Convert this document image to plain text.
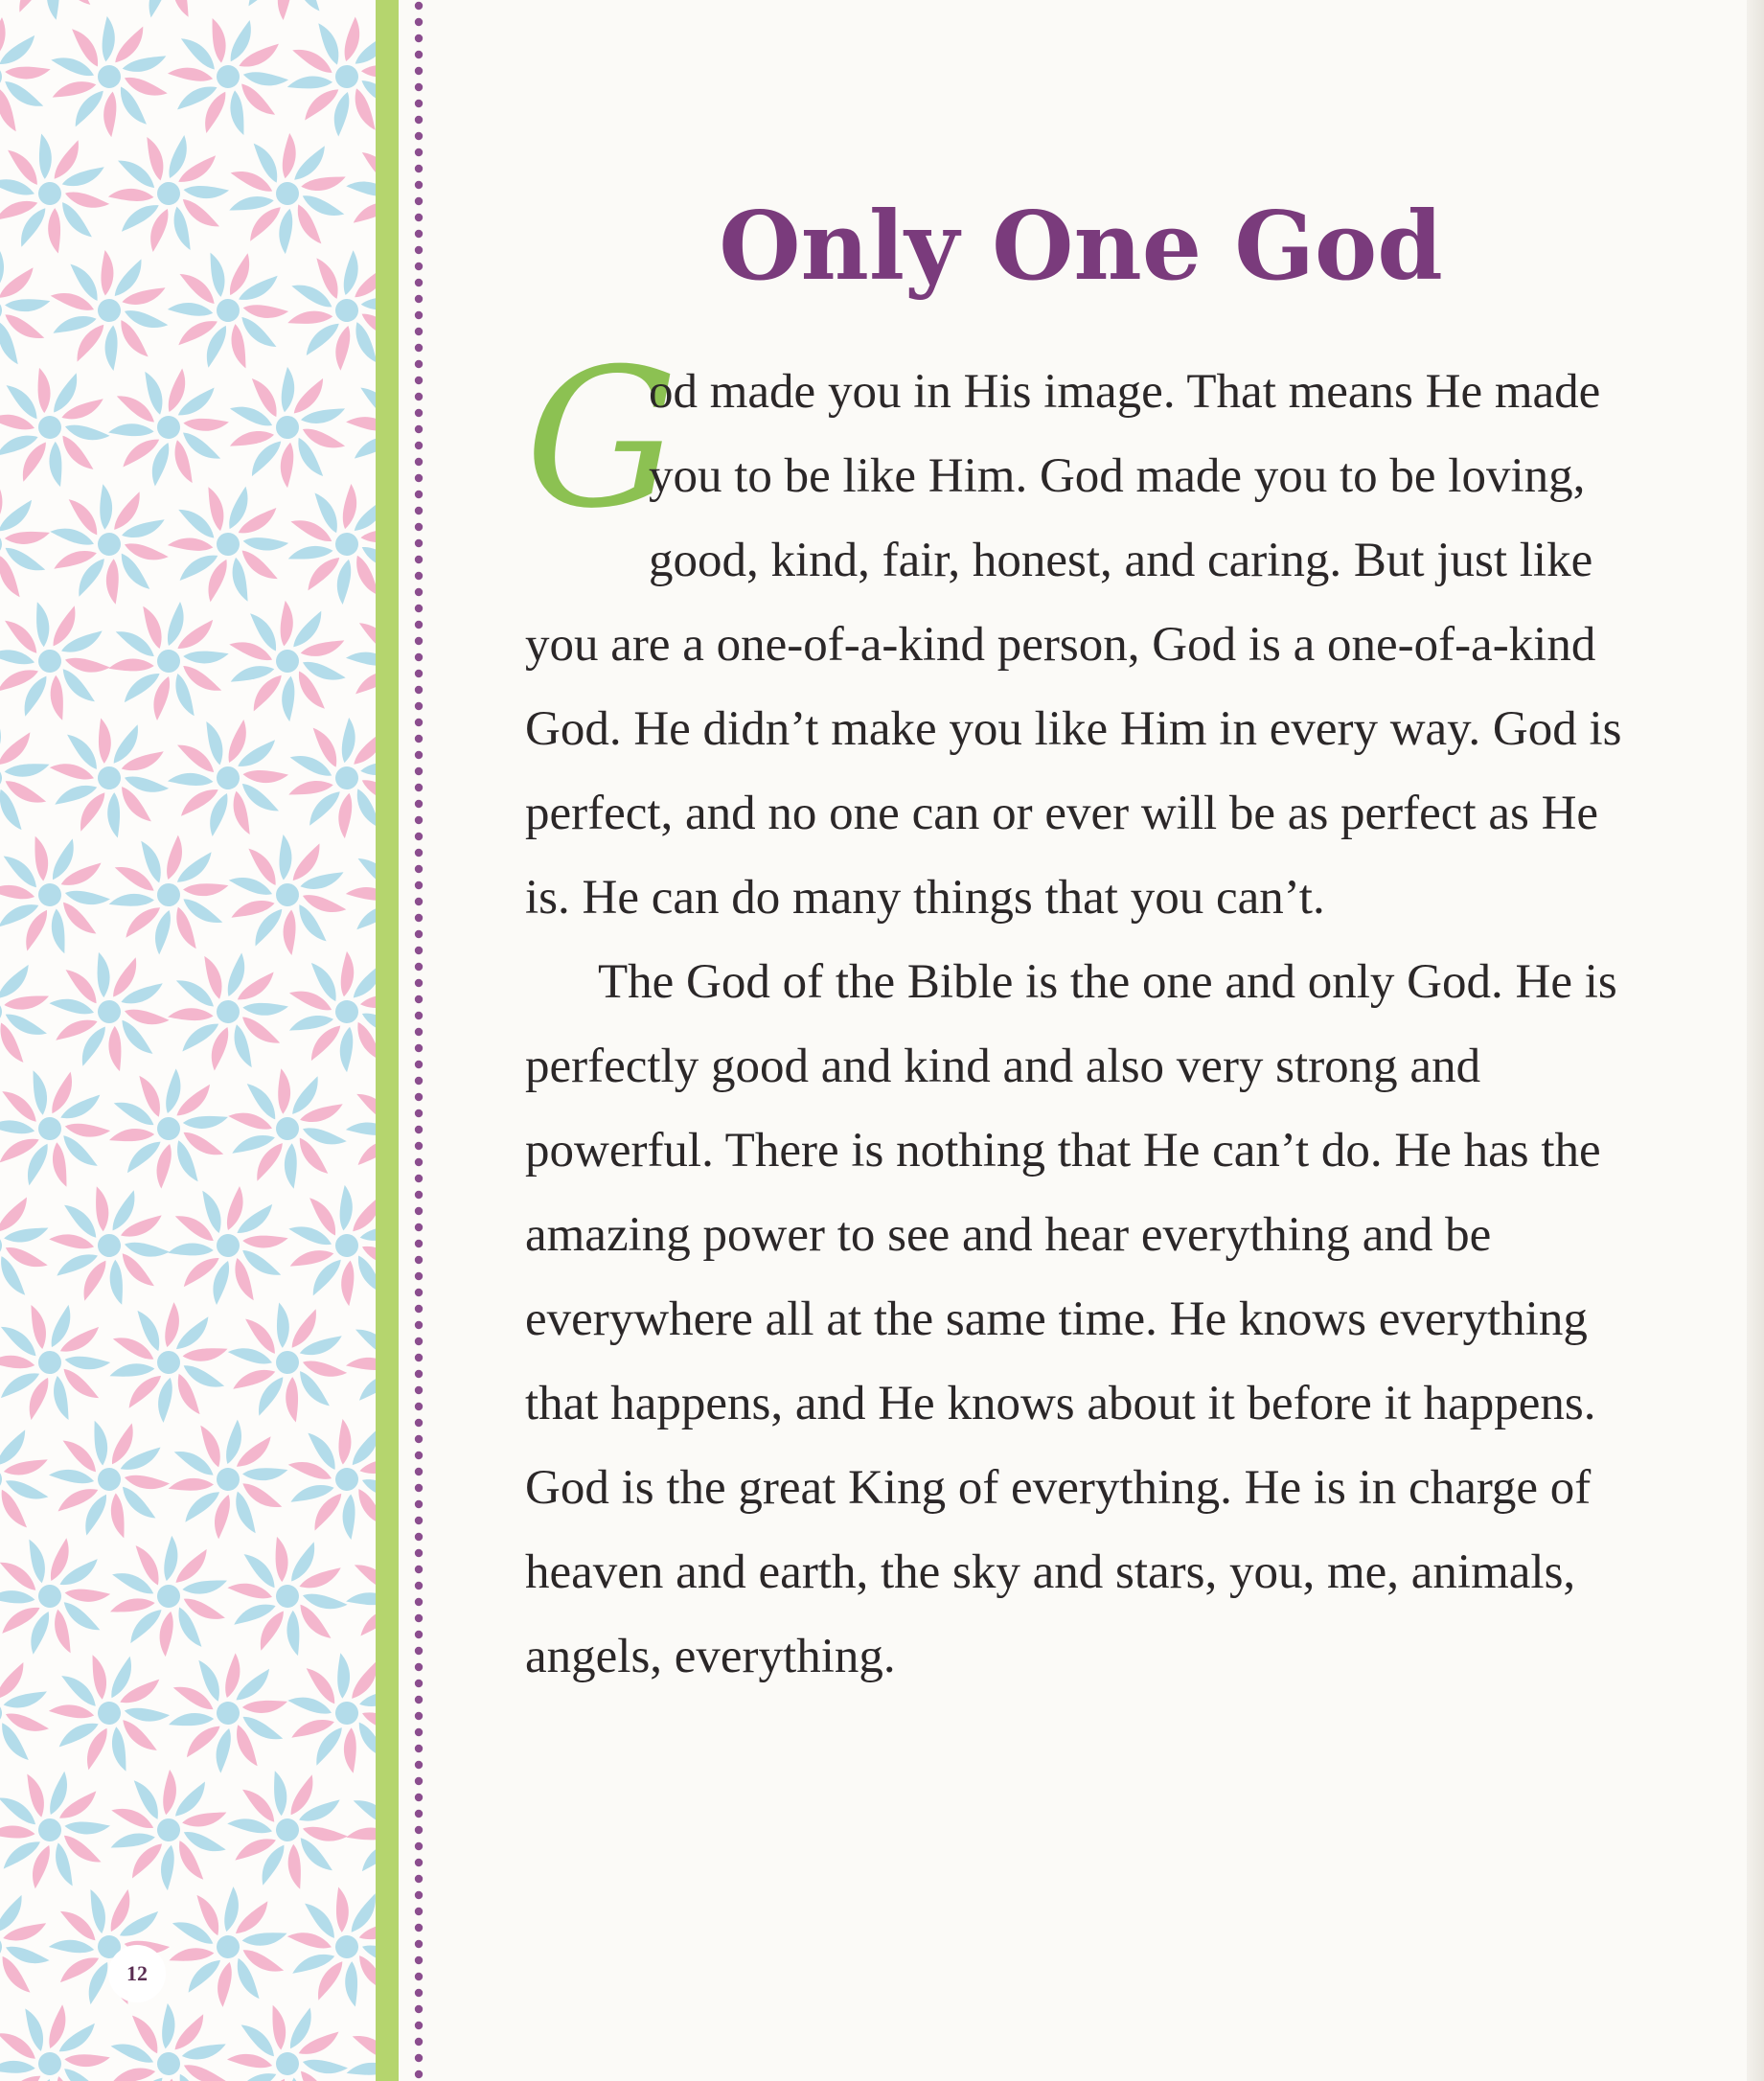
12
Only One God

G
od made you in His image. That means He made you to be like Him. God made you to be loving, good, kind, fair, honest, and caring. But just like you are a one-of-a-kind person, God is a one-of-a-kind God. He didn’t make you like Him in every way. God is perfect, and no one can or ever will be as perfect as He is. He can do many things that you can’t.

The God of the Bible is the one and only God. He is perfectly good and kind and also very strong and powerful. There is nothing that He can’t do. He has the amazing power to see and hear everything and be everywhere all at the same time. He knows everything that happens, and He knows about it before it happens. God is the great King of everything. He is in charge of heaven and earth, the sky and stars, you, me, animals, angels, everything.
